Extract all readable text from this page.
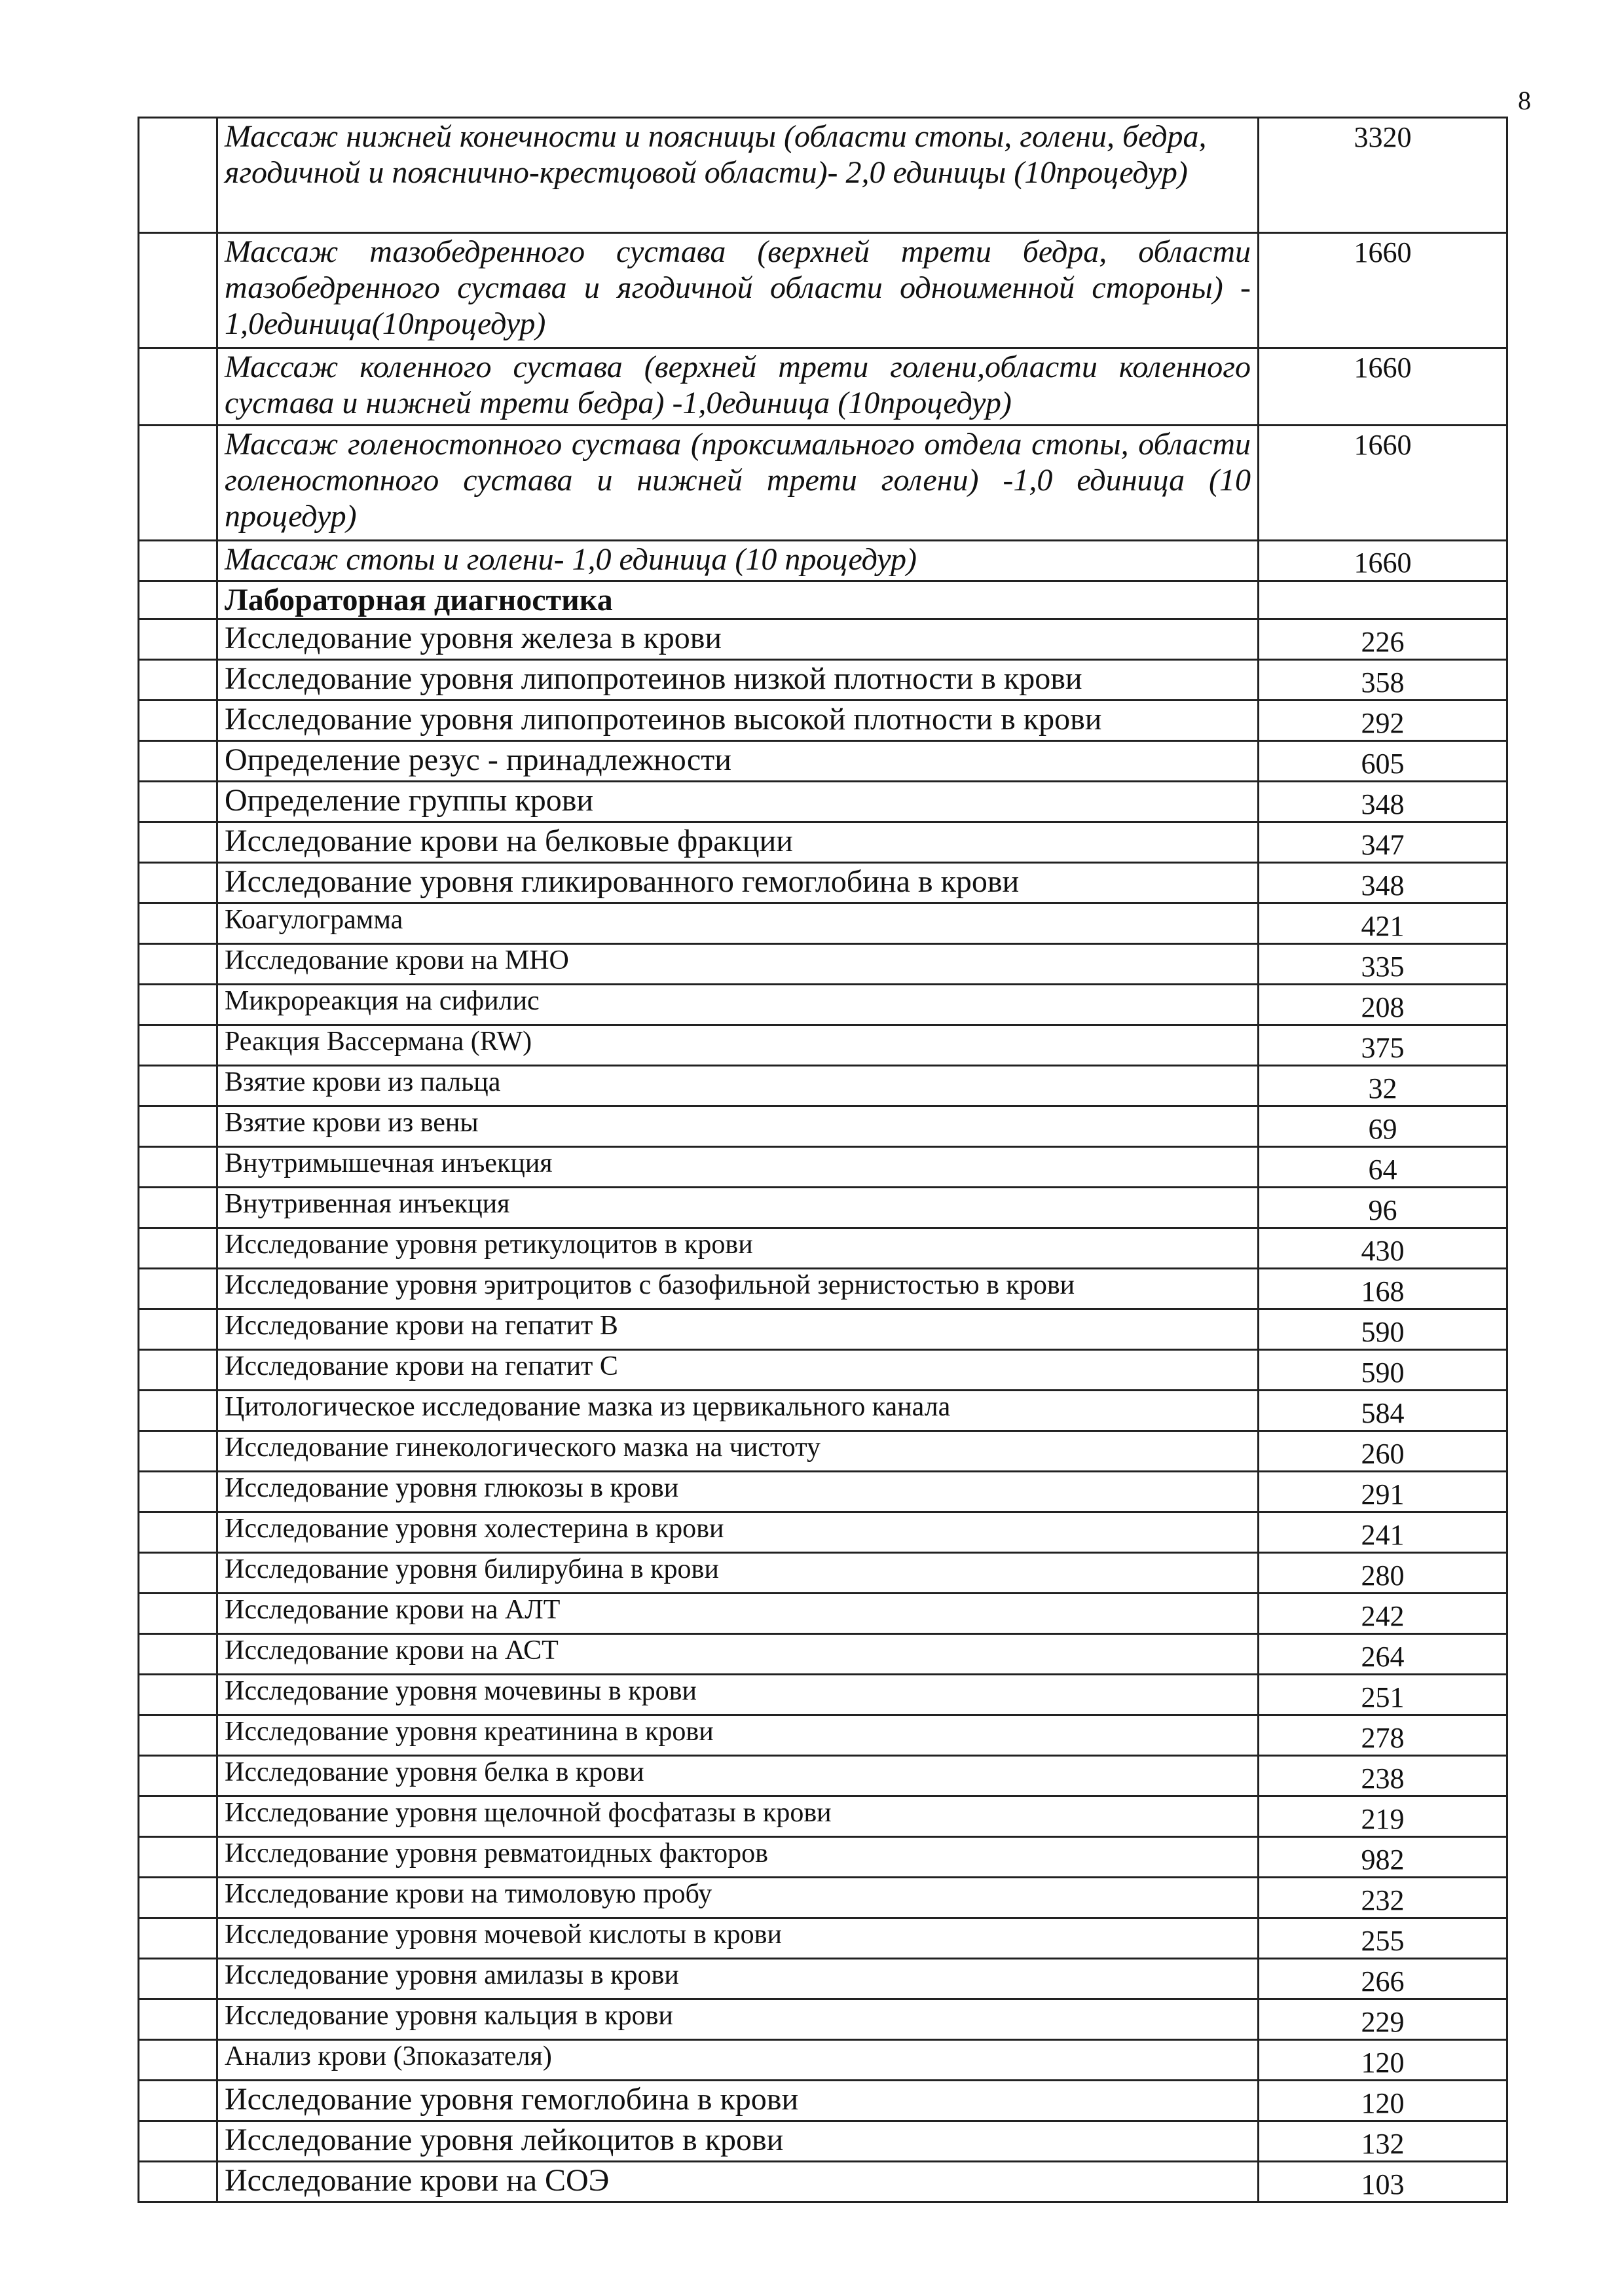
8
	Массаж нижней конечности и поясницы (области стопы, голени, бедра,
ягодичной и пояснично-крестцовой области)- 2,0 единицы (10процедур)	3320
	Массаж тазобедренного сустава (верхней трети бедра, области тазобедренного сустава и ягодичной области одноименной стороны) - 1,0единица(10процедур)	1660
	Массаж коленного сустава (верхней трети голени,области коленного сустава и нижней трети бедра) -1,0единица (10процедур)	1660
	Массаж голеностопного сустава (проксимального отдела стопы, области голеностопного сустава и нижней трети голени) -1,0 единица (10 процедур)	1660
	Массаж стопы и голени- 1,0 единица (10 процедур)	1660
	Лабораторная диагностика	
	Исследование уровня железа в крови	226
	Исследование уровня липопротеинов низкой плотности в крови	358
	Исследование уровня липопротеинов высокой плотности в крови	292
	Определение резус - принадлежности	605
	Определение группы крови	348
	Исследование крови на белковые фракции	347
	Исследование уровня гликированного гемоглобина в крови	348
	Коагулограмма	421
	Исследование крови на МНО	335
	Микрореакция на сифилис	208
	Реакция Вассермана (RW)	375
	Взятие крови из пальца	32
	Взятие крови из вены	69
	Внутримышечная инъекция	64
	Внутривенная инъекция	96
	Исследование уровня ретикулоцитов в крови	430
	Исследование уровня эритроцитов с базофильной зернистостью в крови	168
	Исследование крови на гепатит В	590
	Исследование крови на гепатит С	590
	Цитологическое исследование мазка из цервикального канала	584
	Исследование гинекологического мазка на чистоту	260
	Исследование уровня глюкозы в крови	291
	Исследование уровня холестерина в крови	241
	Исследование уровня билирубина в крови	280
	Исследование крови на АЛТ	242
	Исследование крови на АСТ	264
	Исследование уровня мочевины в крови	251
	Исследование уровня креатинина в крови	278
	Исследование уровня белка в крови	238
	Исследование уровня щелочной фосфатазы в крови	219
	Исследование уровня ревматоидных факторов	982
	Исследование крови на тимоловую пробу	232
	Исследование уровня мочевой кислоты в крови	255
	Исследование уровня амилазы в крови	266
	Исследование уровня кальция в крови	229
	Анализ крови (3показателя)	120
	Исследование уровня гемоглобина в крови	120
	Исследование уровня лейкоцитов в крови	132
	Исследование крови на СОЭ	103
